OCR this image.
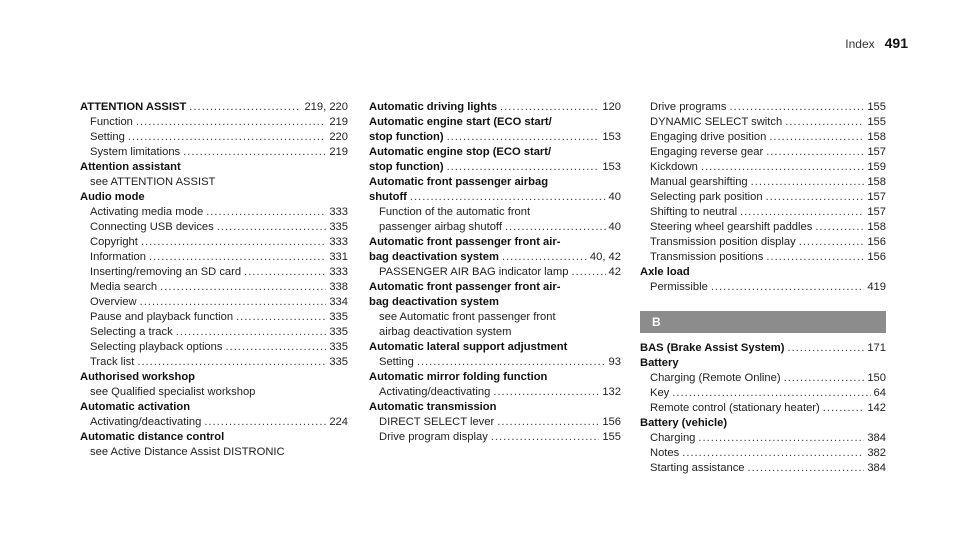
Index 491
ATTENTION ASSIST .....	219, 220
Function .....	219
Setting .....	220
System limitations .....	219
Attention assistant
see ATTENTION ASSIST
Audio mode
Activating media mode .....	333
Connecting USB devices .....	335
Copyright .....	333
Information .....	331
Inserting/removing an SD card .....	333
Media search .....	338
Overview .....	334
Pause and playback function .....	335
Selecting a track .....	335
Selecting playback options .....	335
Track list .....	335
Authorised workshop
see Qualified specialist workshop
Automatic activation
Activating/deactivating .....	224
Automatic distance control
see Active Distance Assist DISTRONIC
Automatic driving lights .....	120
Automatic engine start (ECO start/
stop function) .....	153
Automatic engine stop (ECO start/
stop function) .....	153
Automatic front passenger airbag
shutoff .....	40
Function of the automatic front
passenger airbag shutoff .....	40
Automatic front passenger front air-
bag deactivation system .....	40, 42
PASSENGER AIR BAG indicator lamp .....	42
Automatic front passenger front air-
bag deactivation system
see Automatic front passenger front
airbag deactivation system
Automatic lateral support adjustment
Setting .....	93
Automatic mirror folding function
Activating/deactivating .....	132
Automatic transmission
DIRECT SELECT lever .....	156
Drive program display .....	155
Drive programs .....	155
DYNAMIC SELECT switch .....	155
Engaging drive position .....	158
Engaging reverse gear .....	157
Kickdown .....	159
Manual gearshifting .....	158
Selecting park position .....	157
Shifting to neutral .....	157
Steering wheel gearshift paddles .....	158
Transmission position display .....	156
Transmission positions .....	156
Axle load
Permissible .....	419
B
BAS (Brake Assist System) .....	171
Battery
Charging (Remote Online) .....	150
Key .....	64
Remote control (stationary heater) .....	142
Battery (vehicle)
Charging .....	384
Notes .....	382
Starting assistance .....	384
